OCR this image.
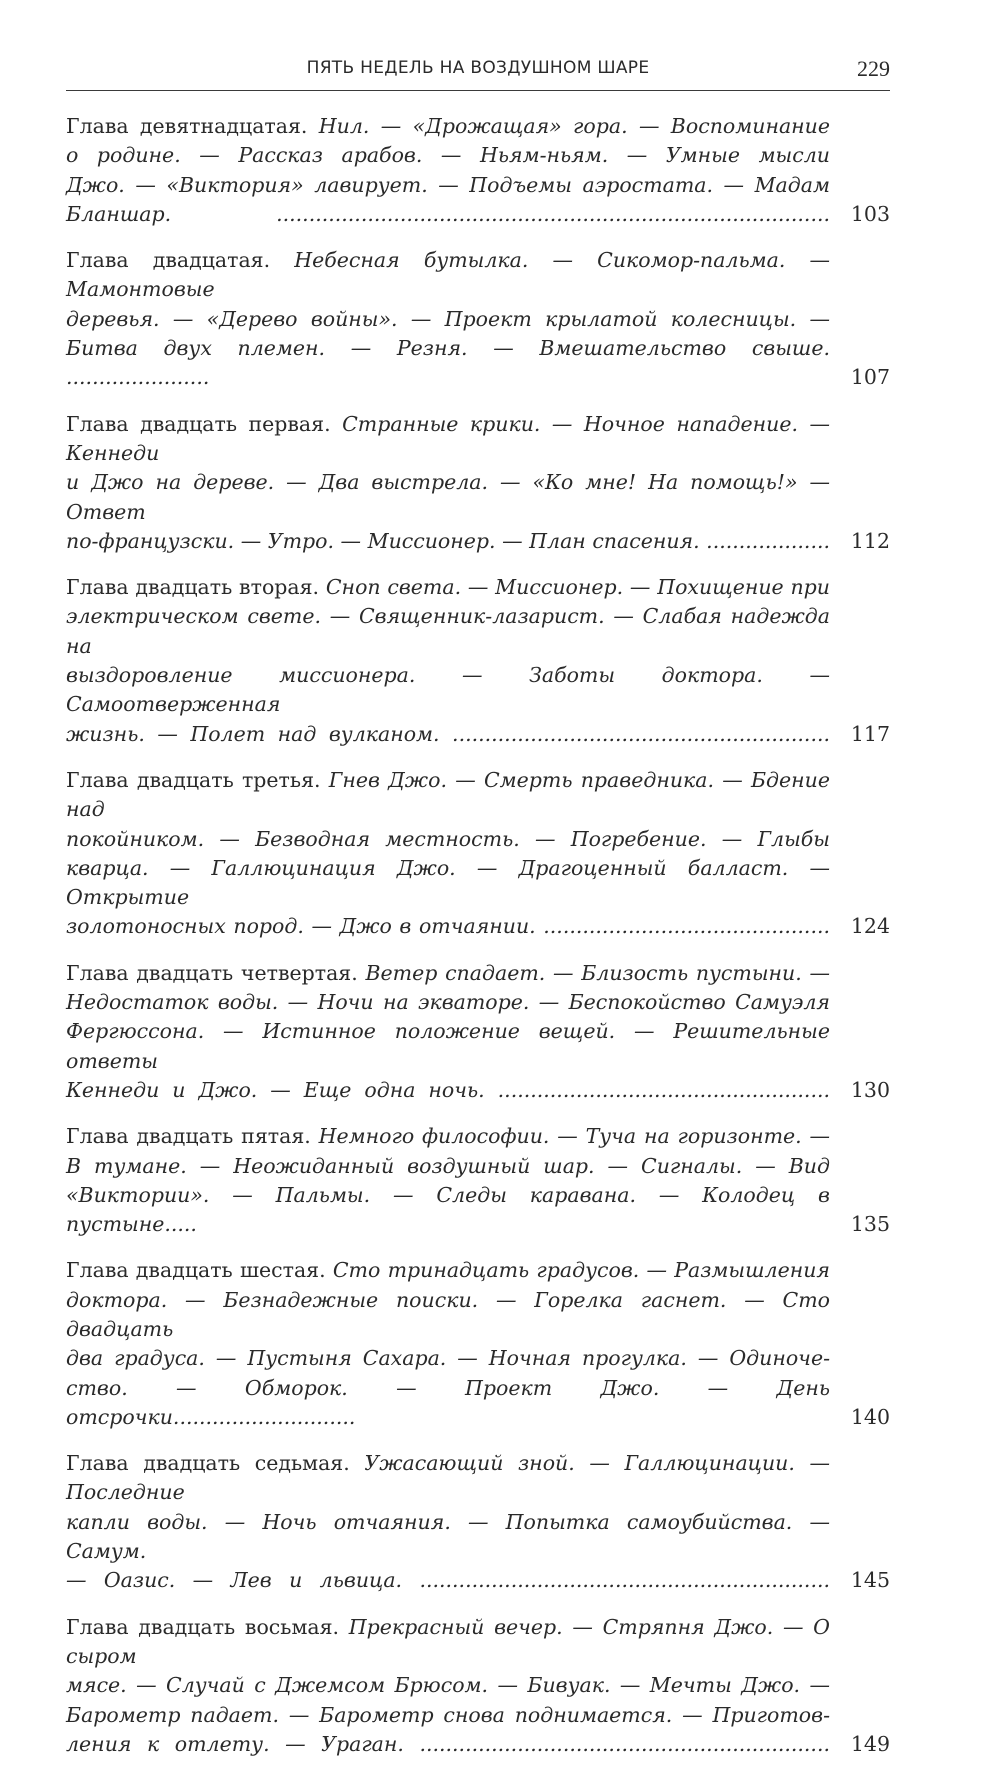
ПЯТЬ НЕДЕЛЬ НА ВОЗДУШНОМ ШАРЕ	229
Глава девятнадцатая. Нил. — «Дрожащая» гора. — Воспоминание
о родине. — Рассказ арабов. — Ньям-ньям. — Умные мысли
Джо. — «Виктория» лавирует. — Подъемы аэростата. — Мадам
Бланшар. .....................................................................................	103
Глава двадцатая. Небесная бутылка. — Сикомор-пальма. — Мамонтовые
деревья. — «Дерево войны». — Проект крылатой колесницы. —
Битва двух племен. — Резня. — Вмешательство свыше. ......................	107
Глава двадцать первая. Странные крики. — Ночное нападение. — Кеннеди
и Джо на дереве. — Два выстрела. — «Ко мне! На помощь!» — Ответ
по-французски. — Утро. — Миссионер. — План спасения. ...................	112
Глава двадцать вторая. Сноп света. — Миссионер. — Похищение при
электрическом свете. — Священник-лазарист. — Слабая надежда на
выздоровление миссионера. — Заботы доктора. — Самоотверженная
жизнь. — Полет над вулканом. ..........................................................	117
Глава двадцать третья. Гнев Джо. — Смерть праведника. — Бдение над
покойником. — Безводная местность. — Погребение. — Глыбы
кварца. — Галлюцинация Джо. — Драгоценный балласт. — Открытие
золотоносных пород. — Джо в отчаянии. ............................................	124
Глава двадцать четвертая. Ветер спадает. — Близость пустыни. —
Недостаток воды. — Ночи на экваторе. — Беспокойство Самуэля
Фергюссона. — Истинное положение вещей. — Решительные ответы
Кеннеди и Джо. — Еще одна ночь. ...................................................	130
Глава двадцать пятая. Немного философии. — Туча на горизонте. —
В тумане. — Неожиданный воздушный шар. — Сигналы. — Вид
«Виктории». — Пальмы. — Следы каравана. — Колодец в пустыне.....	135
Глава двадцать шестая. Сто тринадцать градусов. — Размышления
доктора. — Безнадежные поиски. — Горелка гаснет. — Сто двадцать
два градуса. — Пустыня Сахара. — Ночная прогулка. — Одиноче-
ство. — Обморок. — Проект Джо. — День отсрочки............................	140
Глава двадцать седьмая. Ужасающий зной. — Галлюцинации. — Последние
капли воды. — Ночь отчаяния. — Попытка самоубийства. — Самум.
— Оазис. — Лев и львица. ...............................................................	145
Глава двадцать восьмая. Прекрасный вечер. — Стряпня Джо. — О сыром
мясе. — Случай с Джемсом Брюсом. — Бивуак. — Мечты Джо. —
Барометр падает. — Барометр снова поднимается. — Приготов-
ления к отлету. — Ураган. ...............................................................	149
